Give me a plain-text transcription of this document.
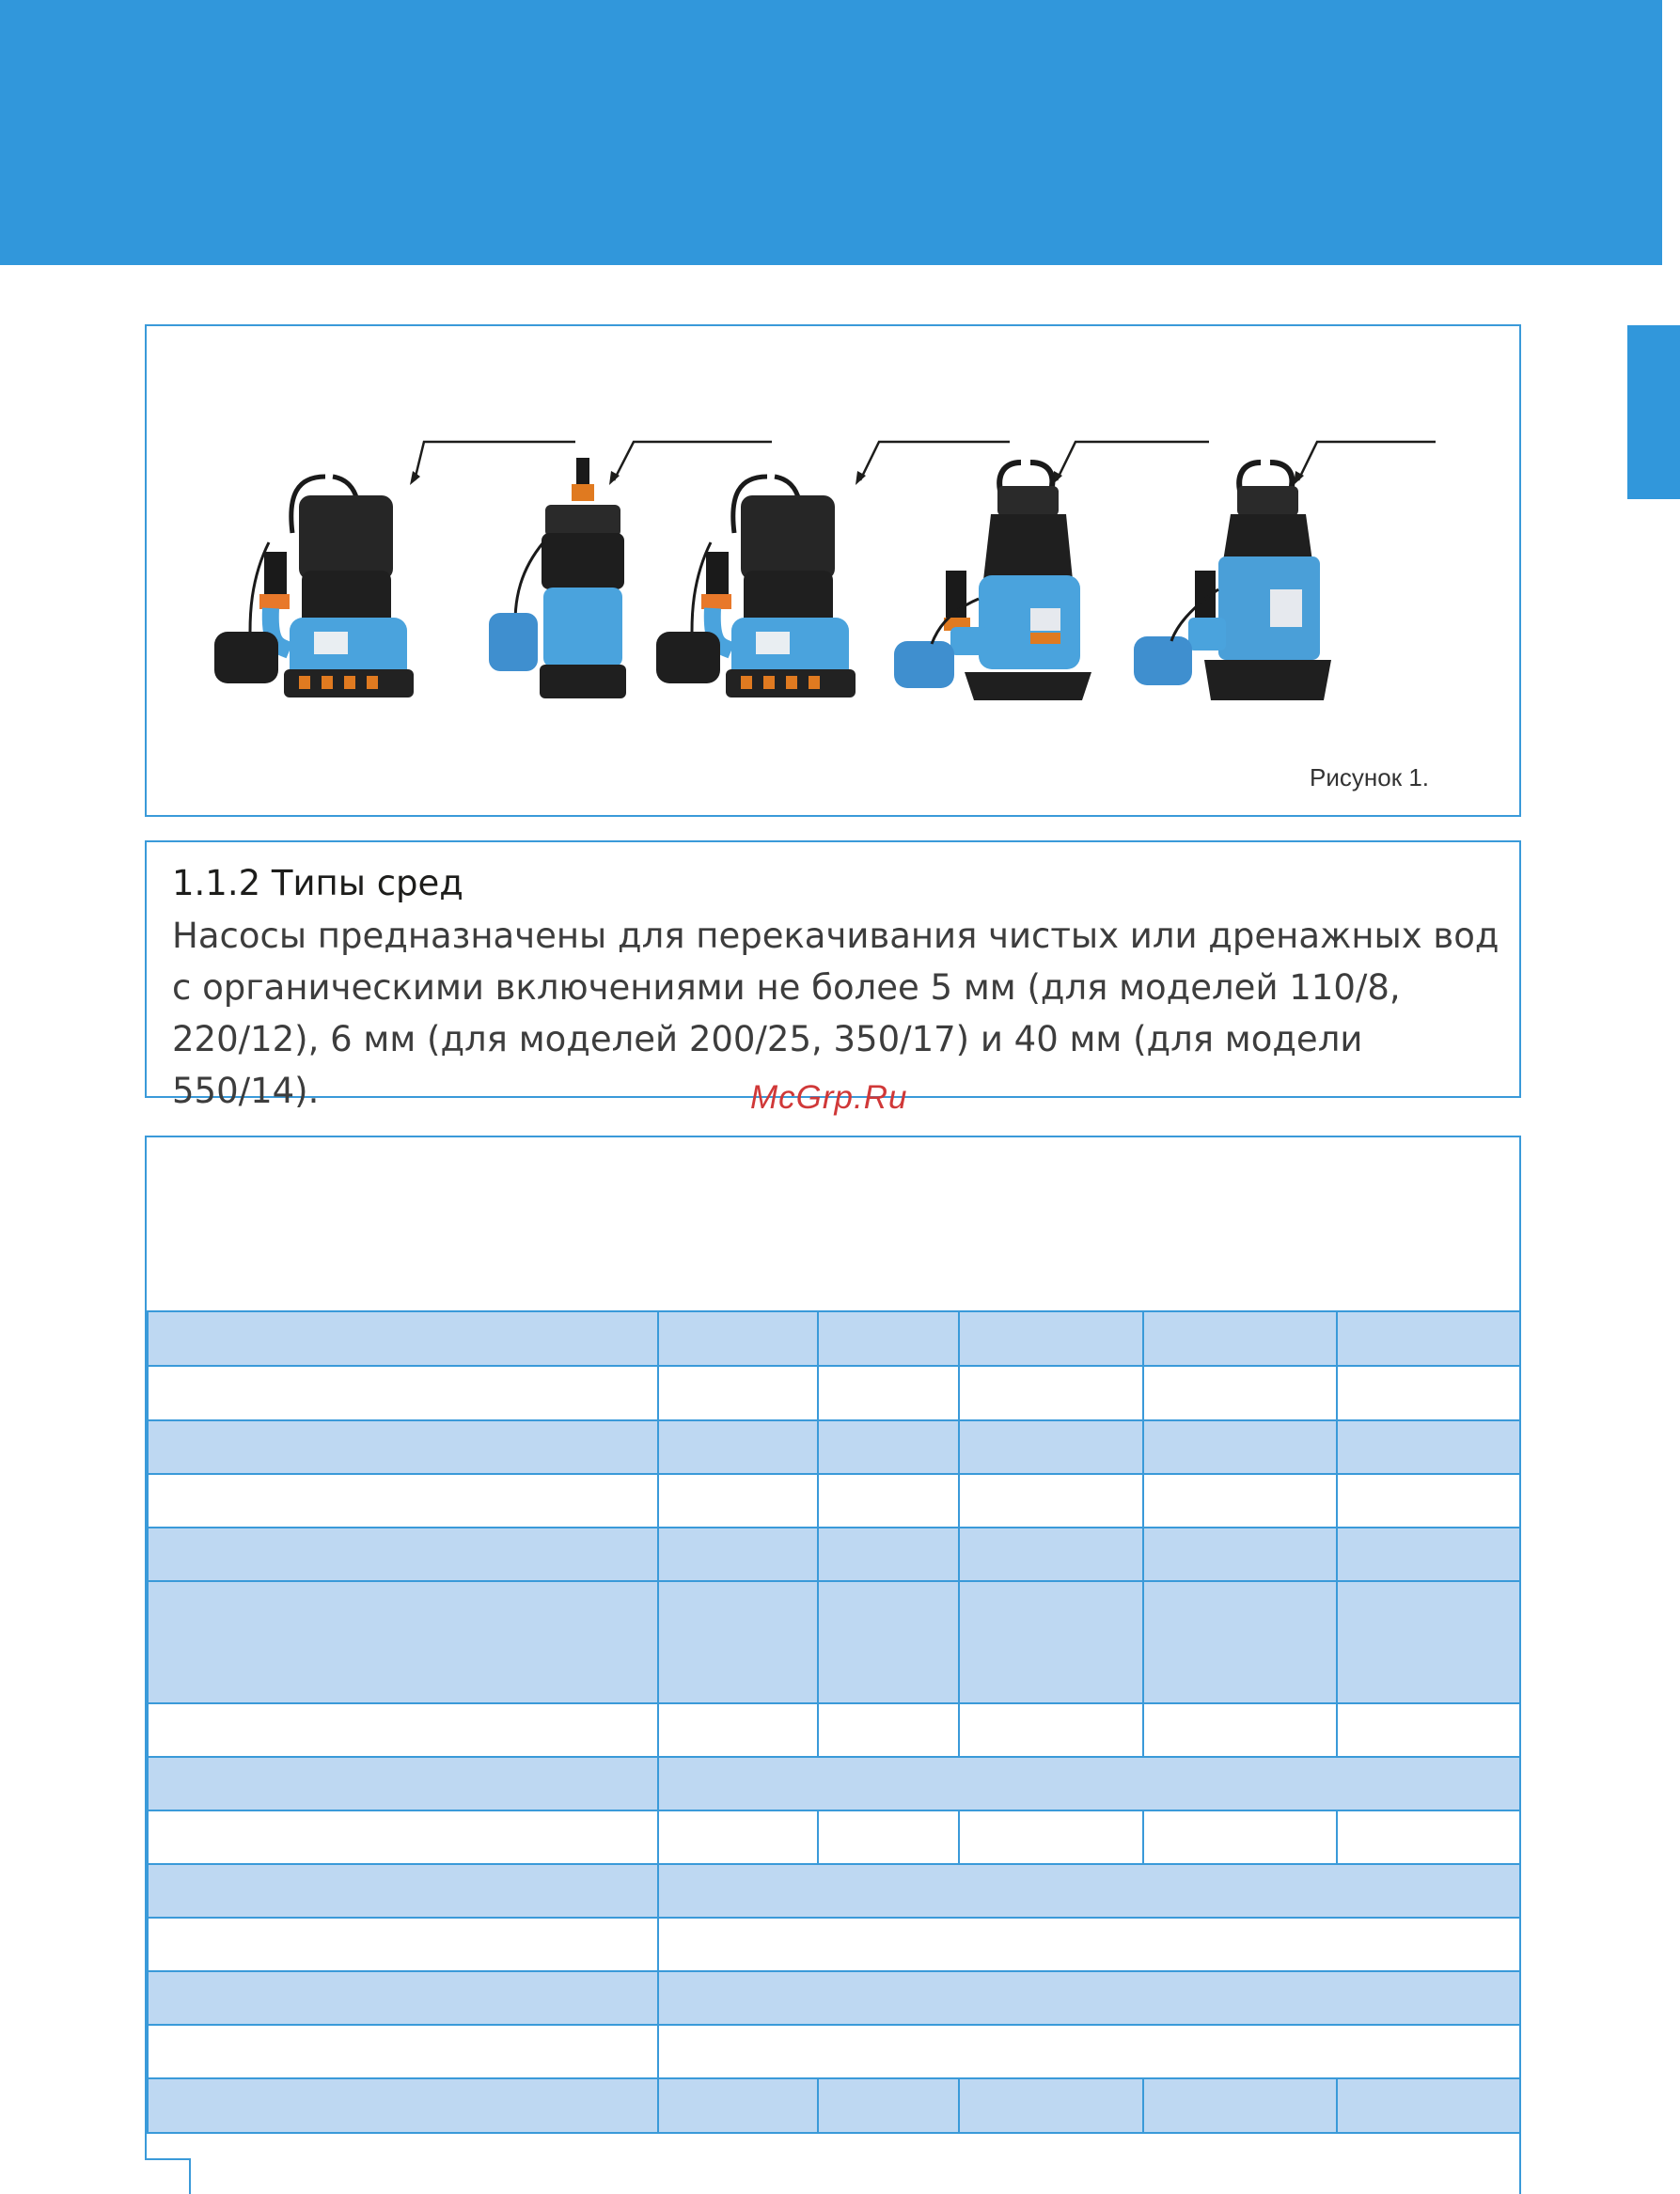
Рисунок 1.
1.1.2 Типы сред

Насосы предназначены для перекачивания чистых или дренажных вод с органическими включениями не более 5 мм (для моделей 110/8, 220/12), 6 мм (для моделей 200/25, 350/17) и 40 мм (для модели 550/14).	McGrp.Ru
